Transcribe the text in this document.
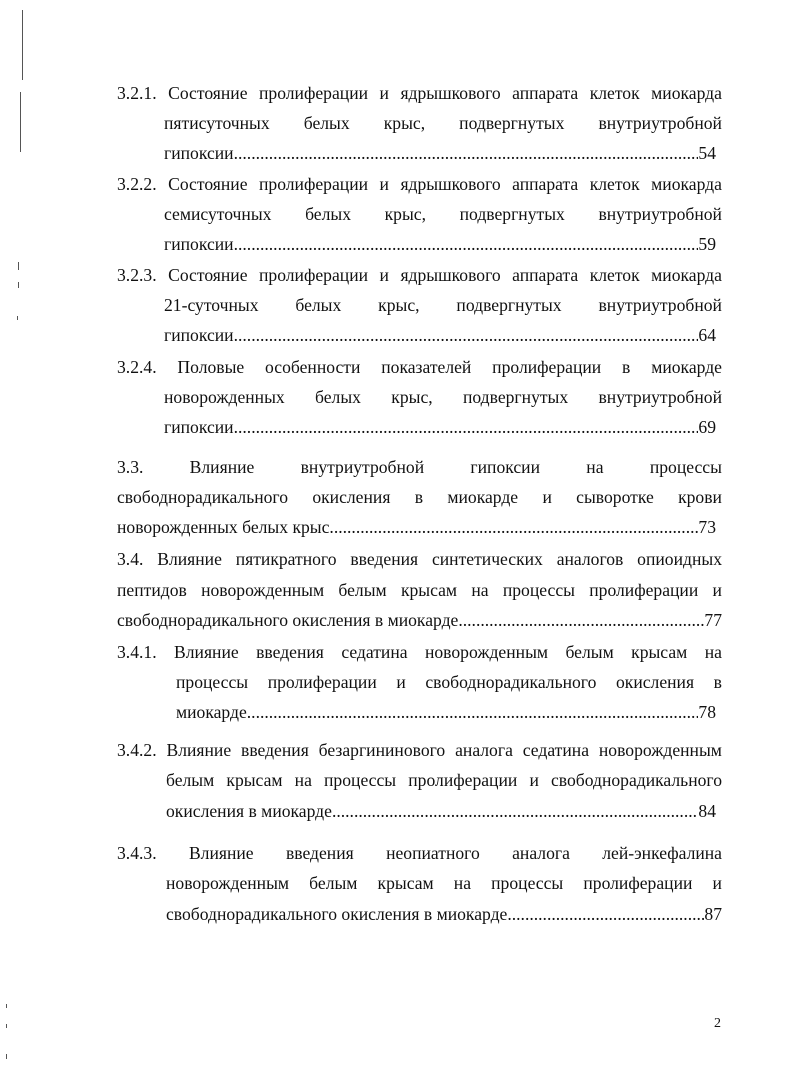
3.2.1. Состояние пролиферации и ядрышкового аппарата клеток миокарда
пятисуточных белых крыс, подвергнутых внутриутробной
гипоксии .....	54
3.2.2. Состояние пролиферации и ядрышкового аппарата клеток миокарда
семисуточных белых крыс, подвергнутых внутриутробной
гипоксии .....	59
3.2.3. Состояние пролиферации и ядрышкового аппарата клеток миокарда
21-суточных белых крыс, подвергнутых внутриутробной
гипоксии .....	64
3.2.4. Половые особенности показателей пролиферации в миокарде
новорожденных белых крыс, подвергнутых внутриутробной
гипоксии .....	69
3.3.	Влияние	внутриутробной	гипоксии	на	процессы
свободнорадикального окисления в миокарде и сыворотке крови
новорожденных белых крыс .....	73
3.4. Влияние пятикратного введения синтетических аналогов опиоидных
пептидов новорожденным белым крысам на процессы пролиферации и
свободнорадикального окисления в миокарде .....	77
3.4.1. Влияние введения седатина новорожденным белым крысам на
процессы пролиферации и свободнорадикального окисления в
миокарде .....	78
3.4.2. Влияние введения безаргининового аналога седатина новорожденным
белым крысам на процессы пролиферации и свободнорадикального
окисления в миокарде .....	84
3.4.3. Влияние введения неопиатного аналога лей-энкефалина
новорожденным белым крысам на процессы пролиферации и
свободнорадикального окисления в миокарде .....	87
2
